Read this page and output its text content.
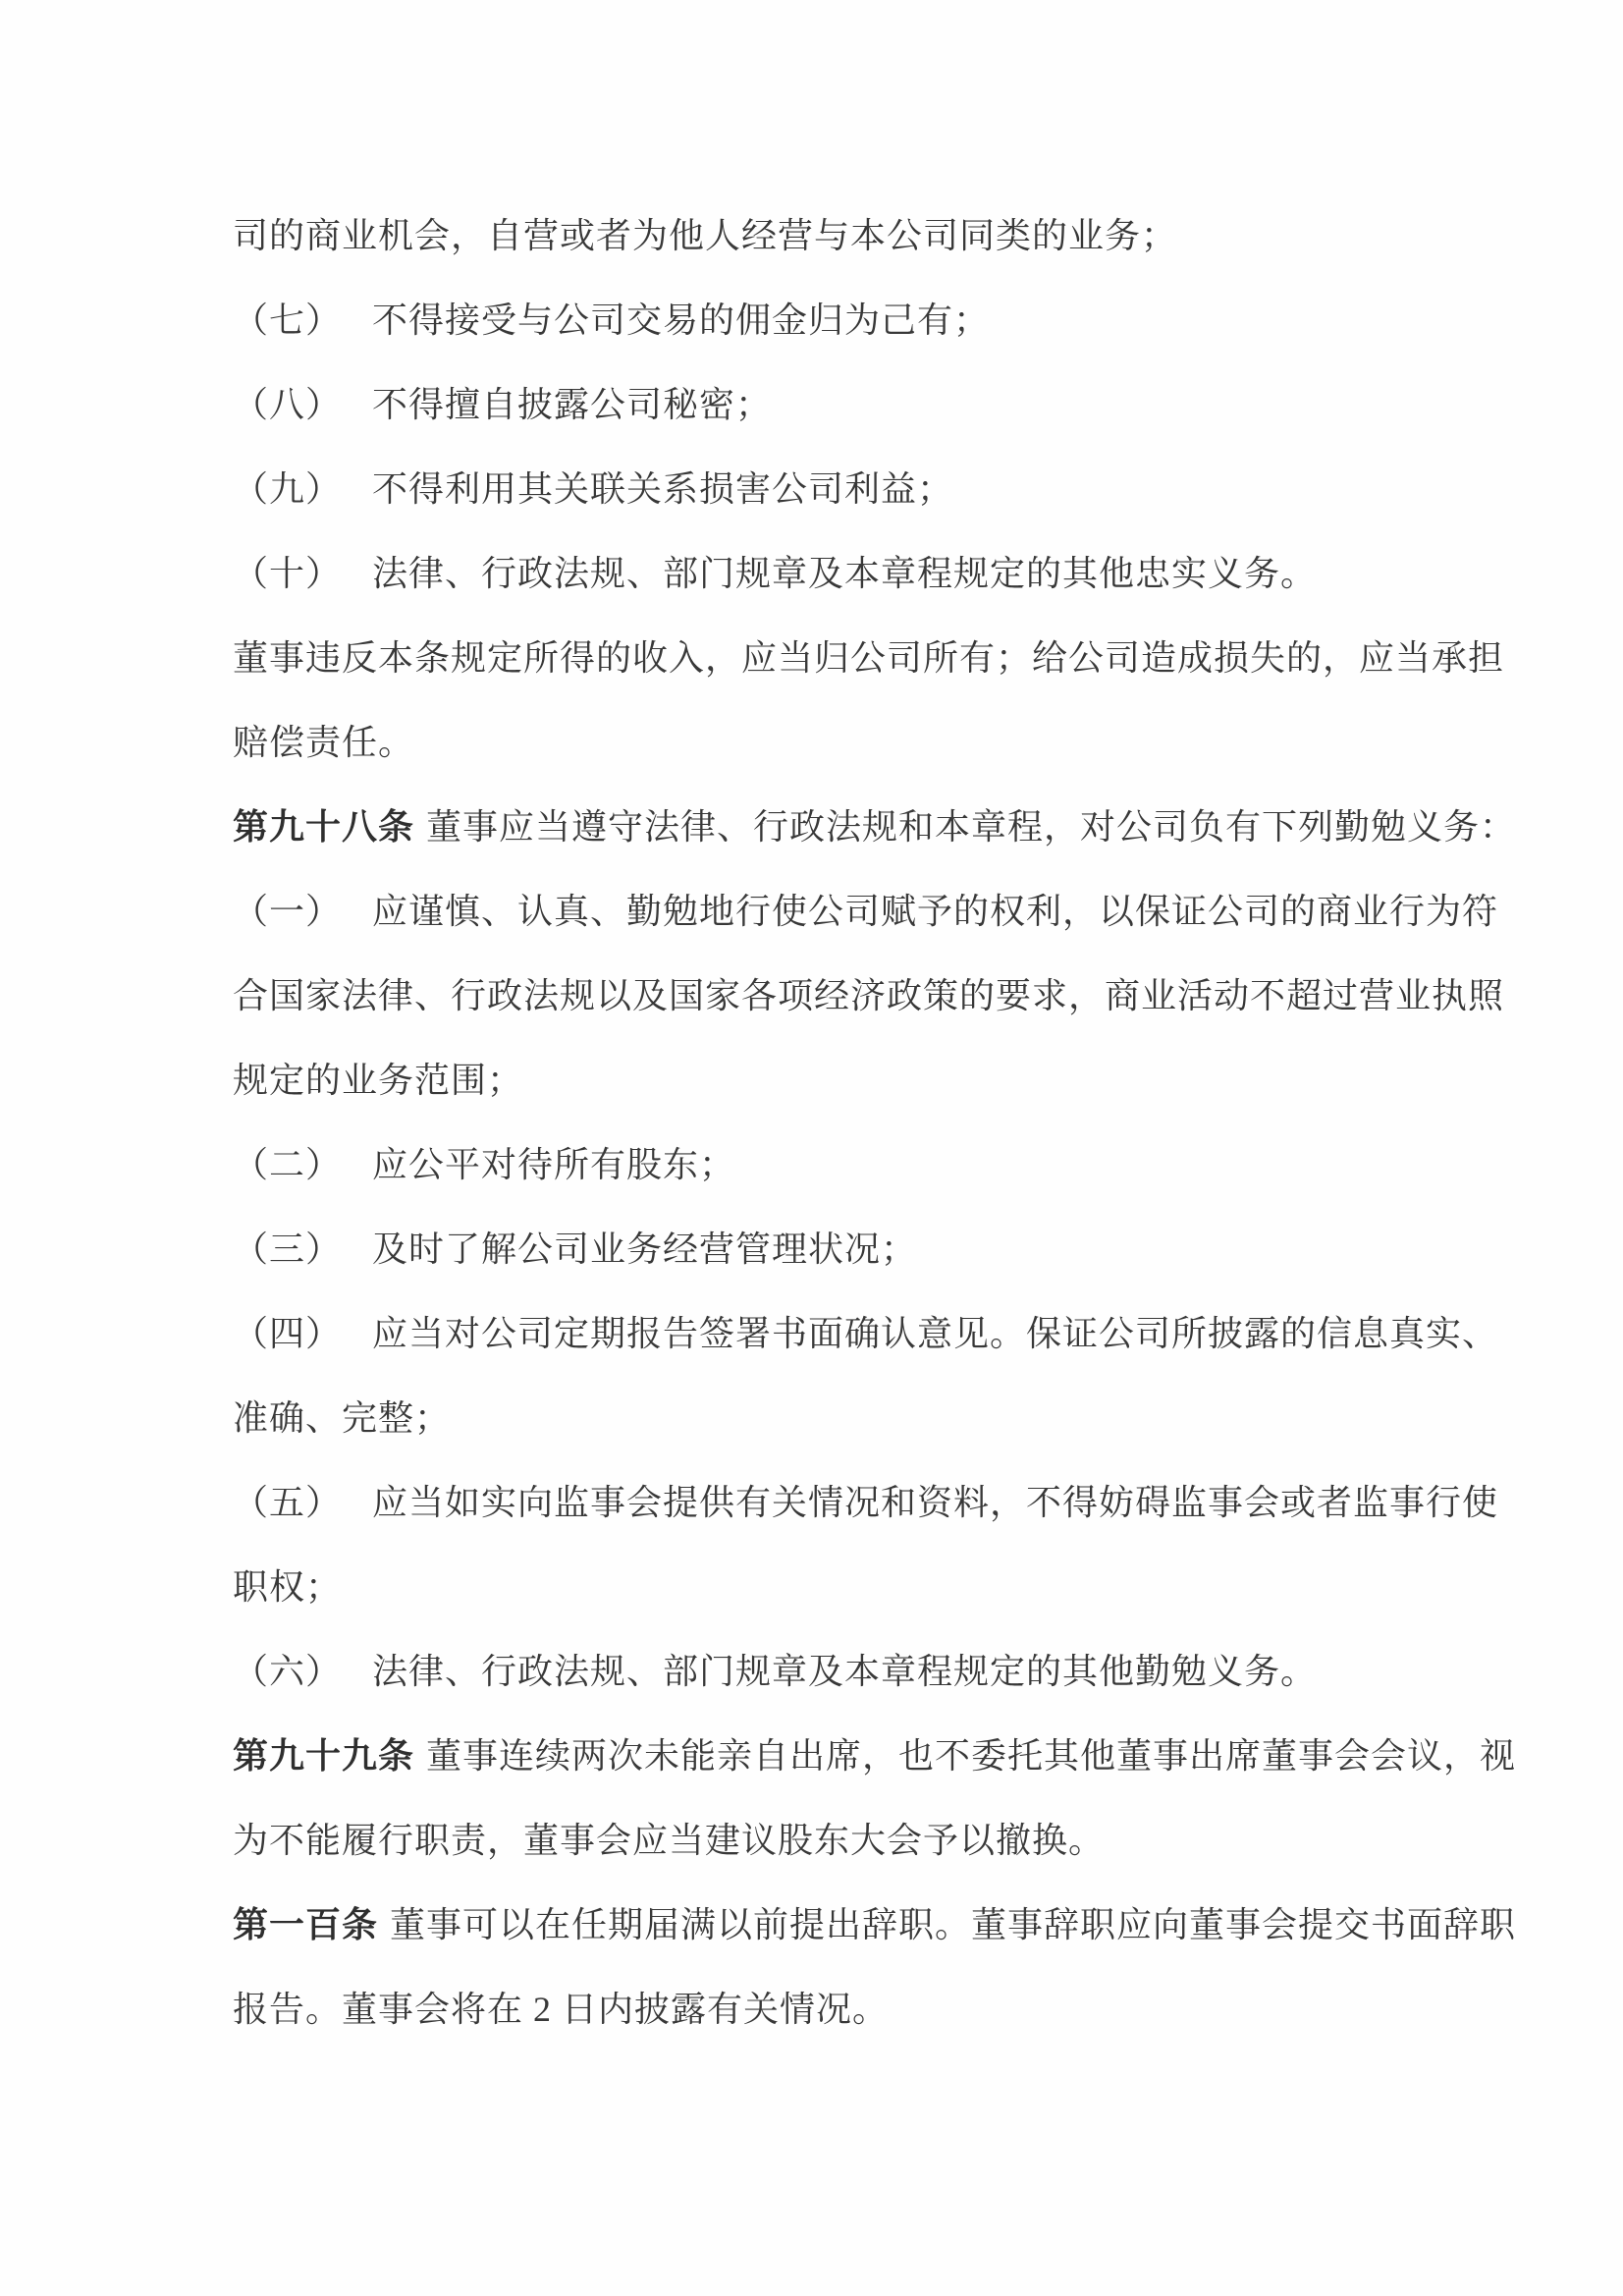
司的商业机会，自营或者为他人经营与本公司同类的业务；
（七） 不得接受与公司交易的佣金归为己有；
（八） 不得擅自披露公司秘密；
（九） 不得利用其关联关系损害公司利益；
（十） 法律、行政法规、部门规章及本章程规定的其他忠实义务。
董事违反本条规定所得的收入，应当归公司所有；给公司造成损失的，应当承担
赔偿责任。
第九十八条 董事应当遵守法律、行政法规和本章程，对公司负有下列勤勉义务：
（一） 应谨慎、认真、勤勉地行使公司赋予的权利，以保证公司的商业行为符
合国家法律、行政法规以及国家各项经济政策的要求，商业活动不超过营业执照
规定的业务范围；
（二） 应公平对待所有股东；
（三） 及时了解公司业务经营管理状况；
（四） 应当对公司定期报告签署书面确认意见。保证公司所披露的信息真实、
准确、完整；
（五） 应当如实向监事会提供有关情况和资料，不得妨碍监事会或者监事行使
职权；
（六） 法律、行政法规、部门规章及本章程规定的其他勤勉义务。
第九十九条 董事连续两次未能亲自出席，也不委托其他董事出席董事会会议，视
为不能履行职责，董事会应当建议股东大会予以撤换。
第一百条 董事可以在任期届满以前提出辞职。董事辞职应向董事会提交书面辞职
报告。董事会将在 2 日内披露有关情况。
